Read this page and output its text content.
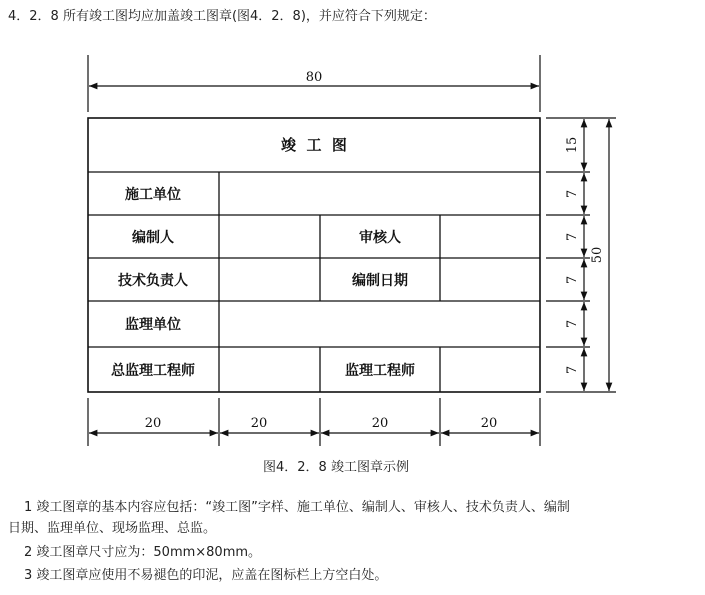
4．2．8 所有竣工图均应加盖竣工图章(图4．2．8)，并应符合下列规定：
竣  工  图
施工单位
编制人	审核人
技术负责人	编制日期
监理单位
总监理工程师	监理工程师
80
20	20	20	20
15
7
7
7
7
7
50
图4．2．8 竣工图章示例
1 竣工图章的基本内容应包括：“竣工图”字样、施工单位、编制人、审核人、技术负责人、编制
日期、监理单位、现场监理、总监。
2 竣工图章尺寸应为：50mm×80mm。
3 竣工图章应使用不易褪色的印泥，应盖在图标栏上方空白处。
